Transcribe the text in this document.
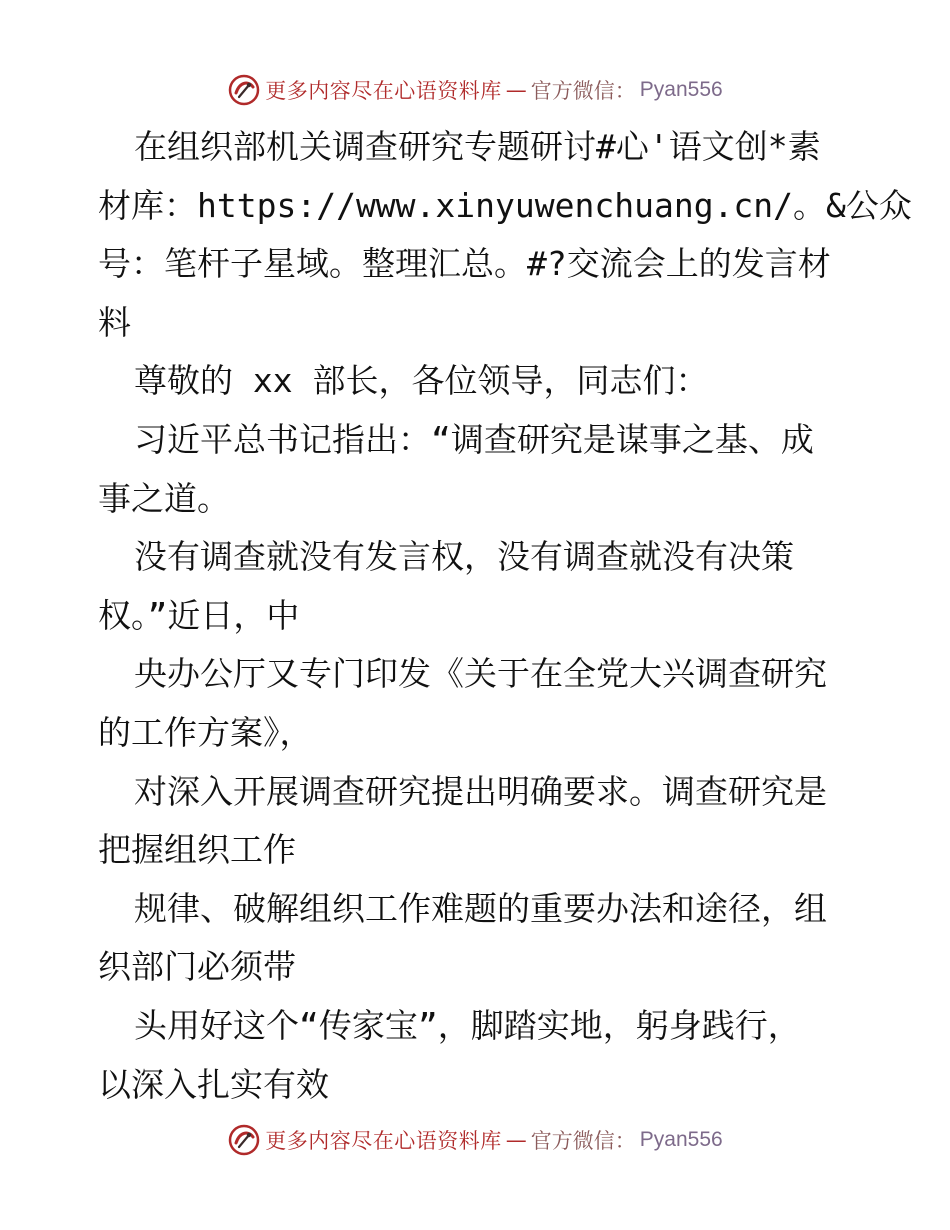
更多内容尽在心语资料库 — 官方微信： Pyan556
在组织部机关调查研究专题研讨#心'语文创*素
材库：https://www.xinyuwenchuang.cn/。&公众
号：笔杆子星域。整理汇总。#?交流会上的发言材
料
尊敬的 xx 部长，各位领导，同志们：
习近平总书记指出：“调查研究是谋事之基、成
事之道。
没有调查就没有发言权，没有调查就没有决策
权。”近日，中
央办公厅又专门印发《关于在全党大兴调查研究
的工作方案》，
对深入开展调查研究提出明确要求。调查研究是
把握组织工作
规律、破解组织工作难题的重要办法和途径，组
织部门必须带
头用好这个“传家宝”，脚踏实地，躬身践行，
以深入扎实有效
更多内容尽在心语资料库 — 官方微信： Pyan556
